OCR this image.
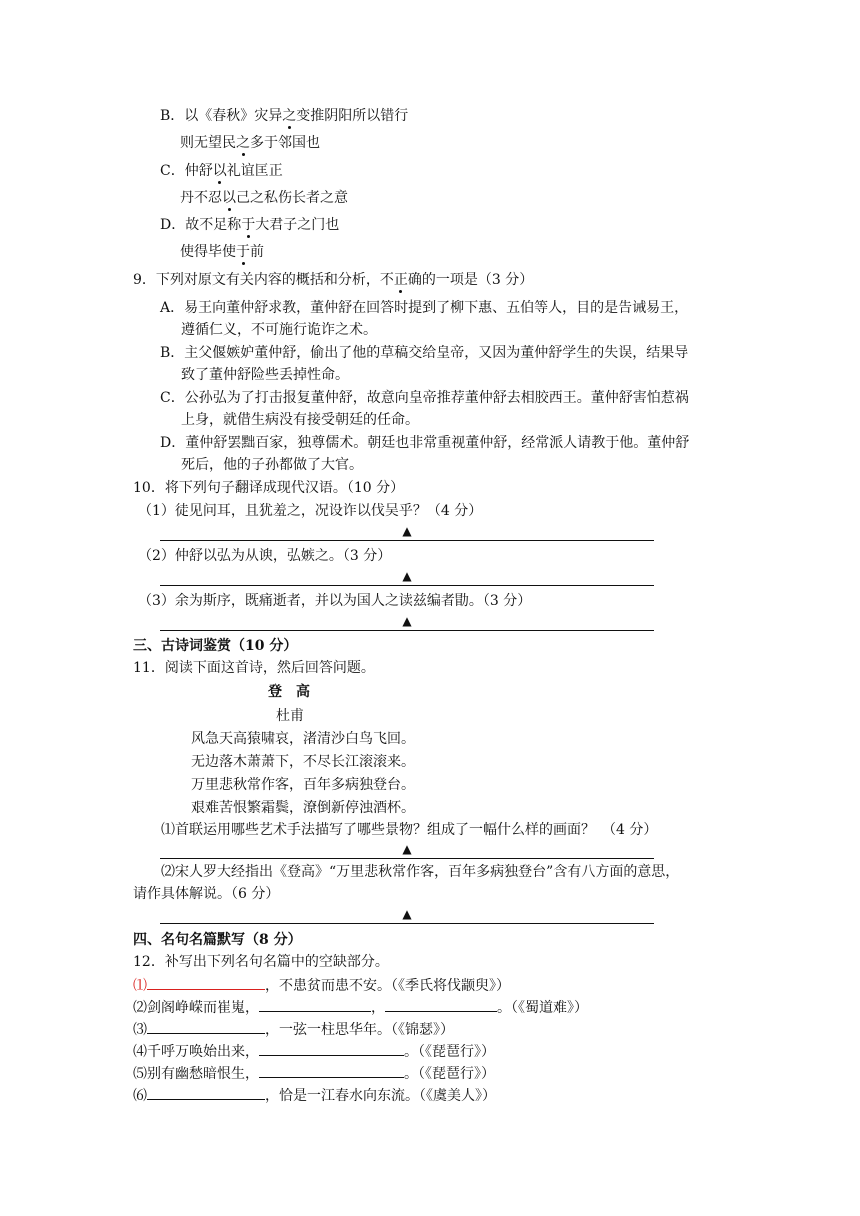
B．以《春秋》灾异之变推阴阳所以错行
则无望民之多于邻国也
C．仲舒以礼谊匡正
丹不忍以己之私伤长者之意
D．故不足称于大君子之门也
使得毕使于前
9．下列对原文有关内容的概括和分析，不正确的一项是（3 分）
A．易王向董仲舒求教，董仲舒在回答时提到了柳下惠、五伯等人，目的是告诫易王，
遵循仁义，不可施行诡诈之术。
B．主父偃嫉妒董仲舒，偷出了他的草稿交给皇帝，又因为董仲舒学生的失误，结果导
致了董仲舒险些丢掉性命。
C．公孙弘为了打击报复董仲舒，故意向皇帝推荐董仲舒去相胶西王。董仲舒害怕惹祸
上身，就借生病没有接受朝廷的任命。
D．董仲舒罢黜百家，独尊儒术。朝廷也非常重视董仲舒，经常派人请教于他。董仲舒
死后，他的子孙都做了大官。
10．将下列句子翻译成现代汉语。（10 分）
（1）徒见问耳，且犹羞之，况设诈以伐吴乎？（4 分）
▲
（2）仲舒以弘为从谀，弘嫉之。（3 分）
▲
（3）余为斯序，既痛逝者，并以为国人之读兹编者勖。（3 分）
▲
三、古诗词鉴赏（10 分）
11．阅读下面这首诗，然后回答问题。
登　高
杜甫
风急天高猿啸哀，渚清沙白鸟飞回。
无边落木萧萧下，不尽长江滚滚来。
万里悲秋常作客，百年多病独登台。
艰难苦恨繁霜鬓，潦倒新停浊酒杯。
⑴首联运用哪些艺术手法描写了哪些景物？组成了一幅什么样的画面？　（4 分）
▲
⑵宋人罗大经指出《登高》“万里悲秋常作客，百年多病独登台”含有八方面的意思，
请作具体解说。（6 分）
▲
四、名句名篇默写（8 分）
12．补写出下列名句名篇中的空缺部分。
⑴	，不患贫而患不安。（《季氏将伐颛臾》）
⑵剑阁峥嵘而崔嵬，	，	。（《蜀道难》）
⑶	，一弦一柱思华年。（《锦瑟》）
⑷千呼万唤始出来，	。（《琵琶行》）
⑸别有幽愁暗恨生，	。（《琵琶行》）
⑹	，恰是一江春水向东流。（《虞美人》）
